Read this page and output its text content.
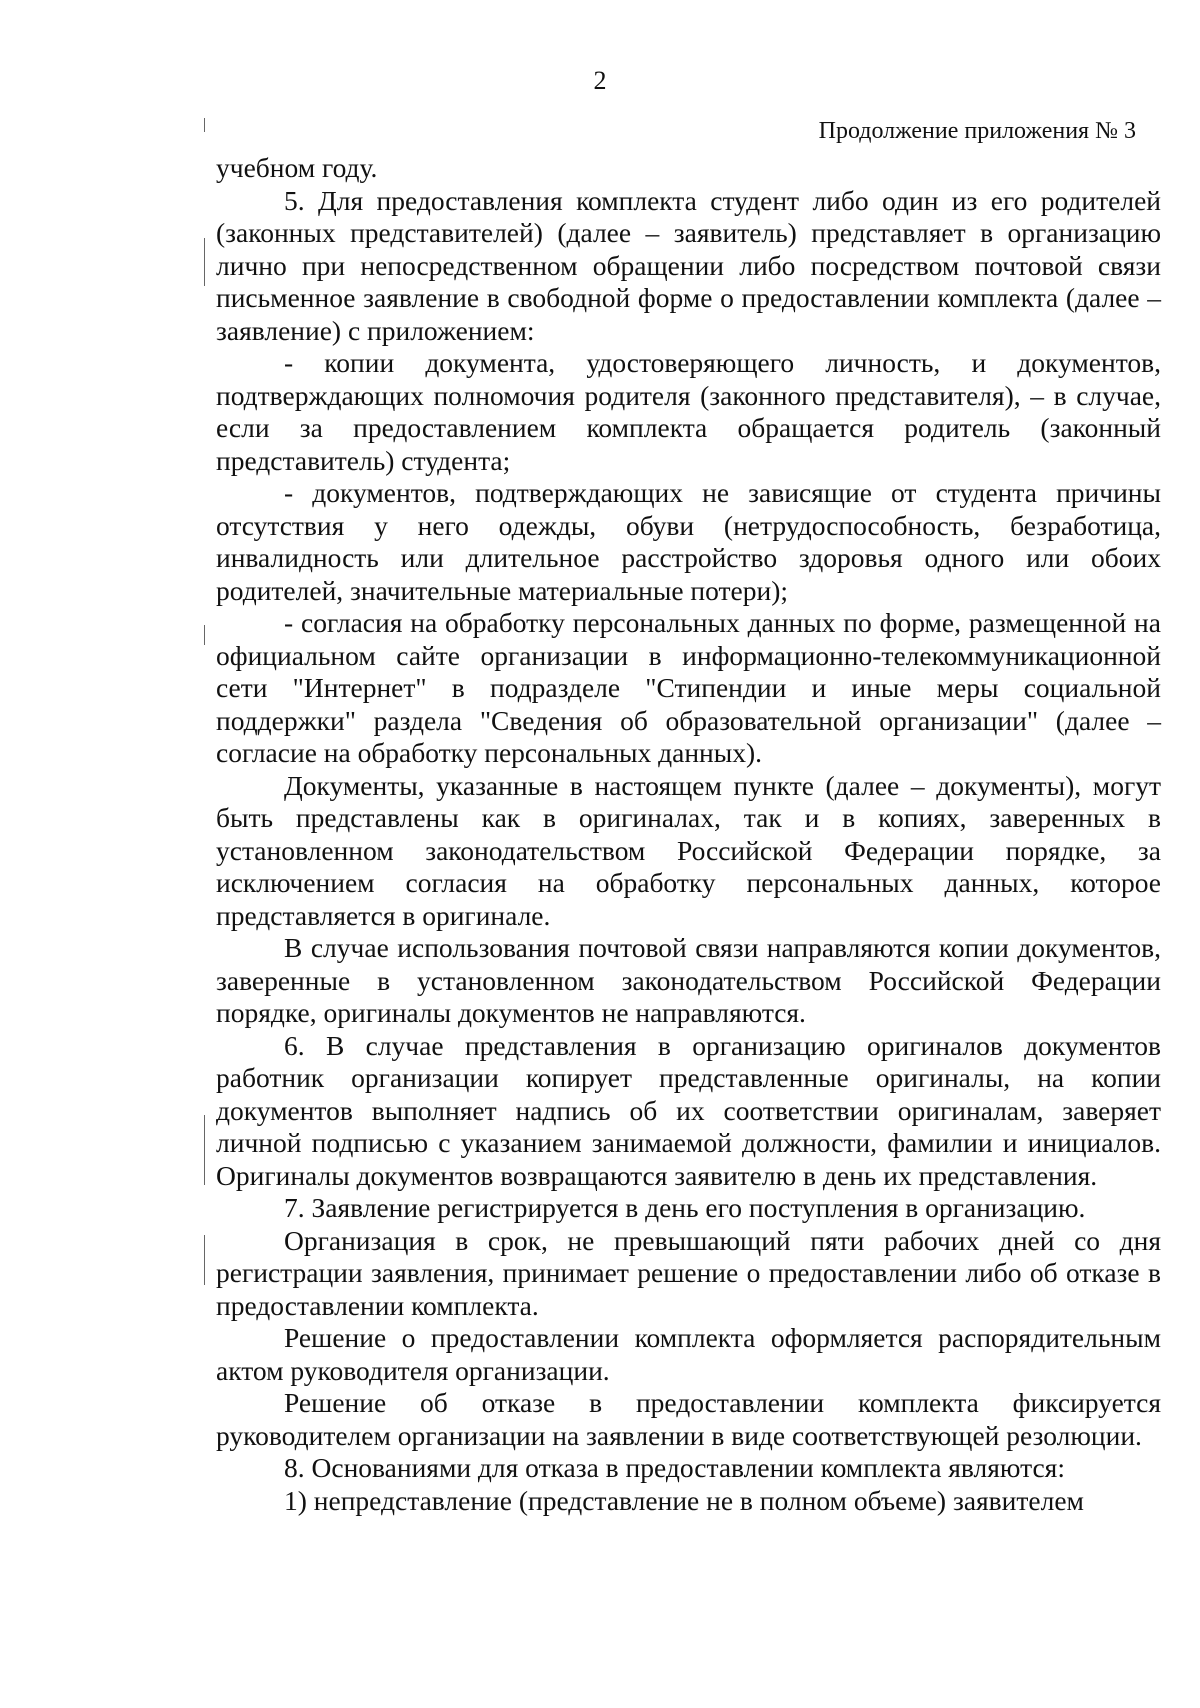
2
Продолжение приложения № 3

учебном году.

5. Для предоставления комплекта студент либо один из его родителей (законных представителей) (далее – заявитель) представляет в организацию лично при непосредственном обращении либо посредством почтовой связи письменное заявление в свободной форме о предоставлении комплекта (далее – заявление) с приложением:

- копии документа, удостоверяющего личность, и документов, подтверждающих полномочия родителя (законного представителя), – в случае, если за предоставлением комплекта обращается родитель (законный представитель) студента;

- документов, подтверждающих не зависящие от студента причины отсутствия у него одежды, обуви (нетрудоспособность, безработица, инвалидность или длительное расстройство здоровья одного или обоих родителей, значительные материальные потери);

- согласия на обработку персональных данных по форме, размещенной на официальном сайте организации в информационно-телекоммуникационной сети "Интернет" в подразделе "Стипендии и иные меры социальной поддержки" раздела "Сведения об образовательной организации" (далее – согласие на обработку персональных данных).

Документы, указанные в настоящем пункте (далее – документы), могут быть представлены как в оригиналах, так и в копиях, заверенных в установленном законодательством Российской Федерации порядке, за исключением согласия на обработку персональных данных, которое представляется в оригинале.

В случае использования почтовой связи направляются копии документов, заверенные в установленном законодательством Российской Федерации порядке, оригиналы документов не направляются.

6. В случае представления в организацию оригиналов документов работник организации копирует представленные оригиналы, на копии документов выполняет надпись об их соответствии оригиналам, заверяет личной подписью с указанием занимаемой должности, фамилии и инициалов. Оригиналы документов возвращаются заявителю в день их представления.

7. Заявление регистрируется в день его поступления в организацию.

Организация в срок, не превышающий пяти рабочих дней со дня регистрации заявления, принимает решение о предоставлении либо об отказе в предоставлении комплекта.

Решение о предоставлении комплекта оформляется распорядительным актом руководителя организации.

Решение об отказе в предоставлении комплекта фиксируется руководителем организации на заявлении в виде соответствующей резолюции.

8. Основаниями для отказа в предоставлении комплекта являются:

1) непредставление (представление не в полном объеме) заявителем
